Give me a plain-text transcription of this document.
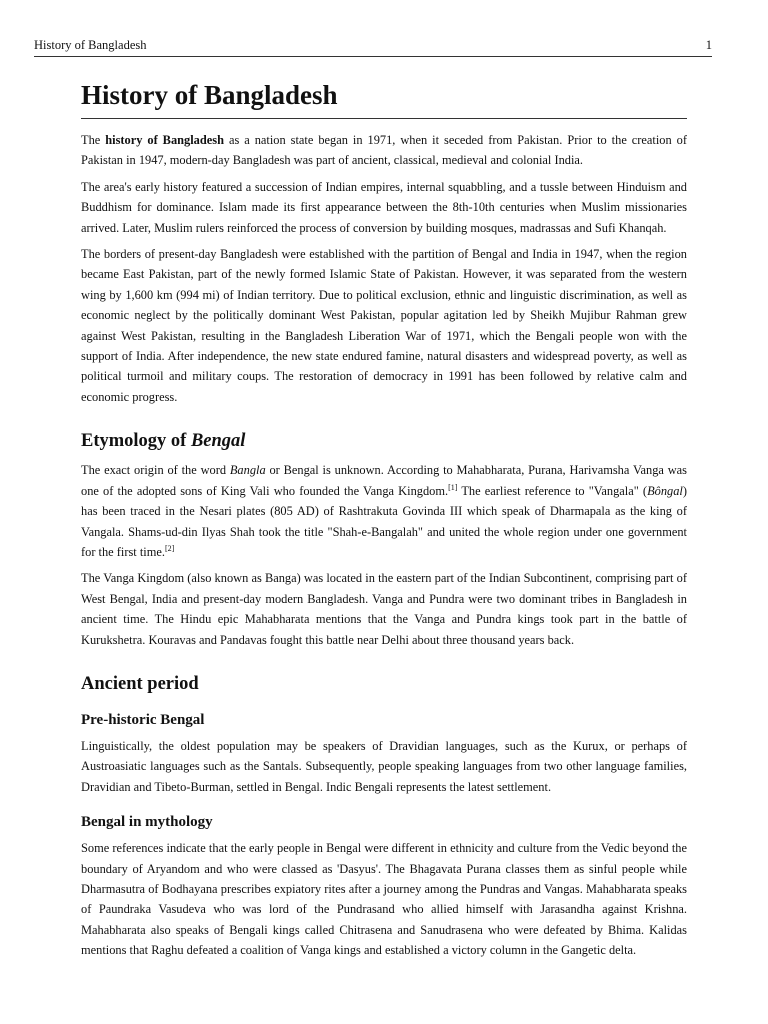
History of Bangladesh	1
History of Bangladesh

The history of Bangladesh as a nation state began in 1971, when it seceded from Pakistan. Prior to the creation of Pakistan in 1947, modern-day Bangladesh was part of ancient, classical, medieval and colonial India.

The area's early history featured a succession of Indian empires, internal squabbling, and a tussle between Hinduism and Buddhism for dominance. Islam made its first appearance between the 8th-10th centuries when Muslim missionaries arrived. Later, Muslim rulers reinforced the process of conversion by building mosques, madrassas and Sufi Khanqah.

The borders of present-day Bangladesh were established with the partition of Bengal and India in 1947, when the region became East Pakistan, part of the newly formed Islamic State of Pakistan. However, it was separated from the western wing by 1,600 km (994 mi) of Indian territory. Due to political exclusion, ethnic and linguistic discrimination, as well as economic neglect by the politically dominant West Pakistan, popular agitation led by Sheikh Mujibur Rahman grew against West Pakistan, resulting in the Bangladesh Liberation War of 1971, which the Bengali people won with the support of India. After independence, the new state endured famine, natural disasters and widespread poverty, as well as political turmoil and military coups. The restoration of democracy in 1991 has been followed by relative calm and economic progress.

Etymology of Bengal

The exact origin of the word Bangla or Bengal is unknown. According to Mahabharata, Purana, Harivamsha Vanga was one of the adopted sons of King Vali who founded the Vanga Kingdom.[1] The earliest reference to "Vangala" (Bôngal) has been traced in the Nesari plates (805 AD) of Rashtrakuta Govinda III which speak of Dharmapala as the king of Vangala. Shams-ud-din Ilyas Shah took the title "Shah-e-Bangalah" and united the whole region under one government for the first time.[2]

The Vanga Kingdom (also known as Banga) was located in the eastern part of the Indian Subcontinent, comprising part of West Bengal, India and present-day modern Bangladesh. Vanga and Pundra were two dominant tribes in Bangladesh in ancient time. The Hindu epic Mahabharata mentions that the Vanga and Pundra kings took part in the battle of Kurukshetra. Kouravas and Pandavas fought this battle near Delhi about three thousand years back.

Ancient period
Pre-historic Bengal

Linguistically, the oldest population may be speakers of Dravidian languages, such as the Kurux, or perhaps of Austroasiatic languages such as the Santals. Subsequently, people speaking languages from two other language families, Dravidian and Tibeto-Burman, settled in Bengal. Indic Bengali represents the latest settlement.

Bengal in mythology

Some references indicate that the early people in Bengal were different in ethnicity and culture from the Vedic beyond the boundary of Aryandom and who were classed as 'Dasyus'. The Bhagavata Purana classes them as sinful people while Dharmasutra of Bodhayana prescribes expiatory rites after a journey among the Pundras and Vangas. Mahabharata speaks of Paundraka Vasudeva who was lord of the Pundrasand who allied himself with Jarasandha against Krishna. Mahabharata also speaks of Bengali kings called Chitrasena and Sanudrasena who were defeated by Bhima. Kalidas mentions that Raghu defeated a coalition of Vanga kings and established a victory column in the Gangetic delta.
